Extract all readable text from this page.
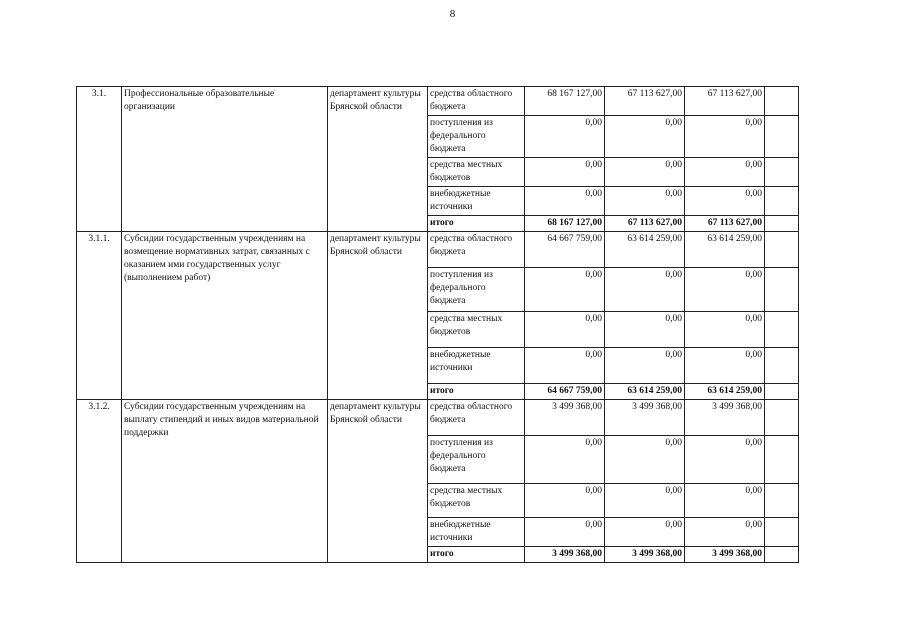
8
3.1.	Профессиональные образовательные организации	департамент культуры Брянской области	средства областного бюджета	68 167 127,00	67 113 627,00	67 113 627,00	
			поступления из федерального бюджета	0,00	0,00	0,00	
			средства местных бюджетов	0,00	0,00	0,00	
			внебюджетные источники	0,00	0,00	0,00	
			итого	68 167 127,00	67 113 627,00	67 113 627,00	
3.1.1.	Субсидии государственным учреждениям на возмещение нормативных затрат, связанных с оказанием ими государственных услуг (выполнением работ)	департамент культуры Брянской области	средства областного бюджета	64 667 759,00	63 614 259,00	63 614 259,00	
			поступления из федерального бюджета	0,00	0,00	0,00	
			средства местных бюджетов	0,00	0,00	0,00	
			внебюджетные источники	0,00	0,00	0,00	
			итого	64 667 759,00	63 614 259,00	63 614 259,00	
3.1.2.	Субсидии государственным учреждениям на выплату стипендий и иных видов материальной поддержки	департамент культуры Брянской области	средства областного бюджета	3 499 368,00	3 499 368,00	3 499 368,00	
			поступления из федерального бюджета	0,00	0,00	0,00	
			средства местных бюджетов	0,00	0,00	0,00	
			внебюджетные источники	0,00	0,00	0,00	
			итого	3 499 368,00	3 499 368,00	3 499 368,00	
